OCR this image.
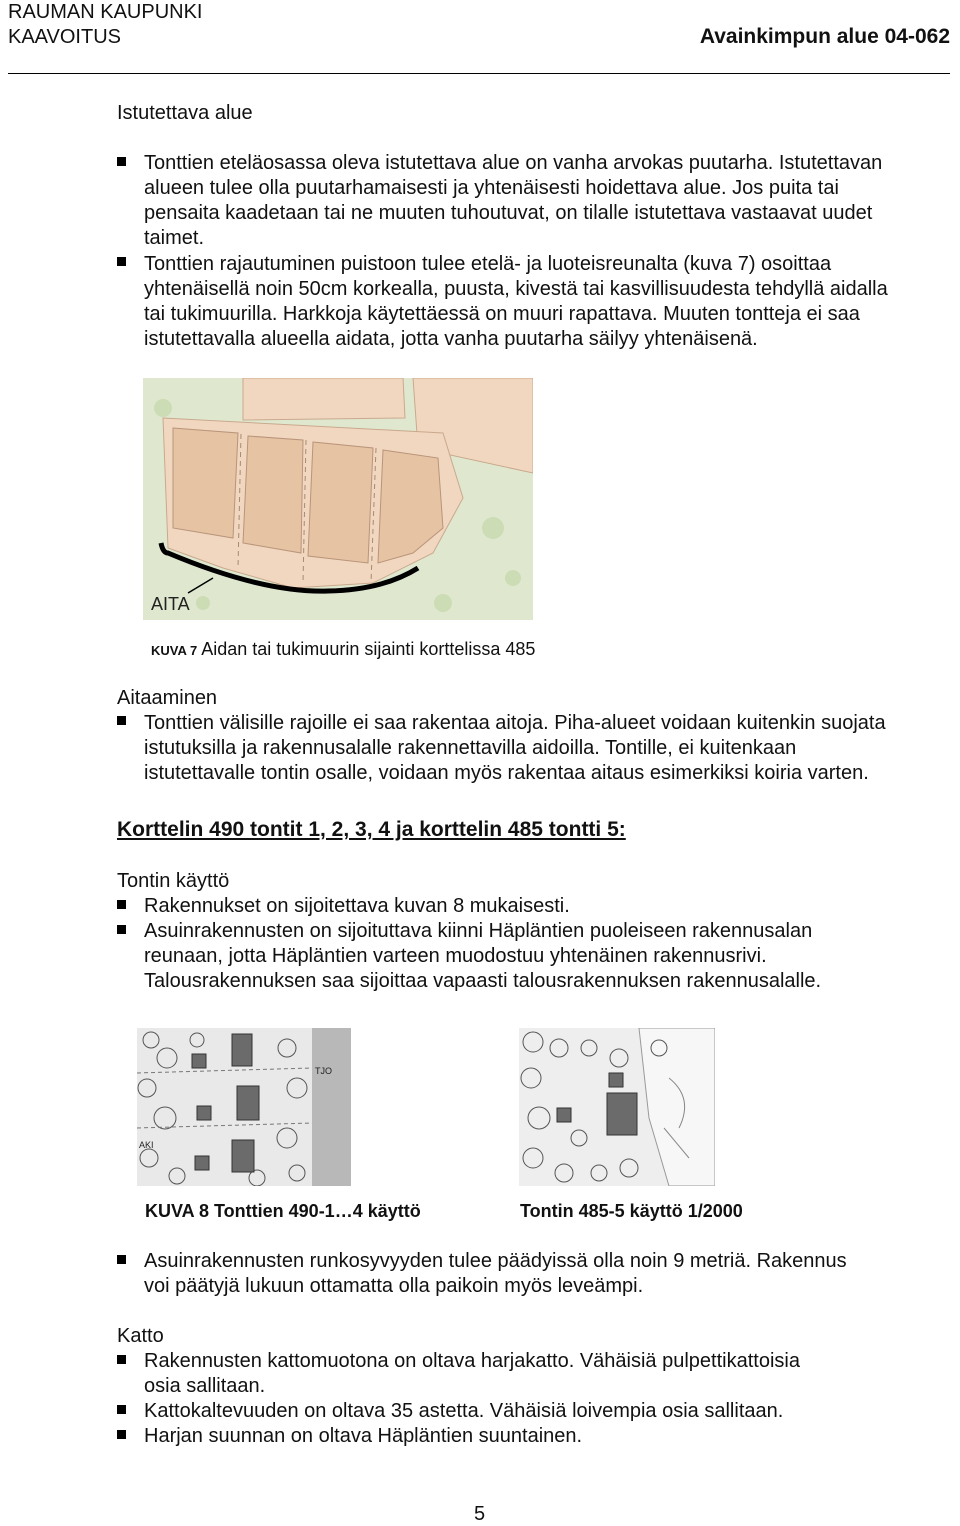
RAUMAN KAUPUNKI
KAAVOITUS	Avainkimpun alue 04-062
Istutettava alue
Tonttien eteläosassa oleva istutettava alue on vanha arvokas puutarha. Istutettavan
alueen tulee olla puutarhamaisesti ja yhtenäisesti hoidettava alue. Jos puita tai
pensaita kaadetaan tai ne muuten tuhoutuvat, on tilalle istutettava vastaavat uudet
taimet.
Tonttien rajautuminen puistoon tulee etelä- ja luoteisreunalta (kuva 7) osoittaa
yhtenäisellä noin 50cm korkealla, puusta, kivestä tai kasvillisuudesta tehdyllä aidalla
tai tukimuurilla. Harkkoja käytettäessä on muuri rapattava. Muuten tontteja ei saa
istutettavalla alueella aidata, jotta vanha puutarha säilyy yhtenäisenä.
AITA
KUVA 7 Aidan tai tukimuurin sijainti korttelissa 485
Aitaaminen
Tonttien välisille rajoille ei saa rakentaa aitoja. Piha-alueet voidaan kuitenkin suojata
istutuksilla ja rakennusalalle rakennettavilla aidoilla. Tontille, ei kuitenkaan
istutettavalle tontin osalle, voidaan myös rakentaa aitaus esimerkiksi koiria varten.
Korttelin 490 tontit 1, 2, 3, 4 ja korttelin 485 tontti 5:
Tontin käyttö
Rakennukset on sijoitettava kuvan 8 mukaisesti.
Asuinrakennusten on sijoituttava kiinni Häpläntien puoleiseen rakennusalan
reunaan, jotta Häpläntien varteen muodostuu yhtenäinen rakennusrivi.
Talousrakennuksen saa sijoittaa vapaasti talousrakennuksen rakennusalalle.
TJO
AKI
KUVA 8 Tonttien 490-1…4 käyttö	Tontin 485-5 käyttö 1/2000
Asuinrakennusten runkosyvyyden tulee päädyissä olla noin 9 metriä. Rakennus
voi päätyjä lukuun ottamatta olla paikoin myös leveämpi.
Katto
Rakennusten kattomuotona on oltava harjakatto. Vähäisiä pulpettikattoisia
osia sallitaan.
Kattokaltevuuden on oltava 35 astetta. Vähäisiä loivempia osia sallitaan.
Harjan suunnan on oltava Häpläntien suuntainen.
5
